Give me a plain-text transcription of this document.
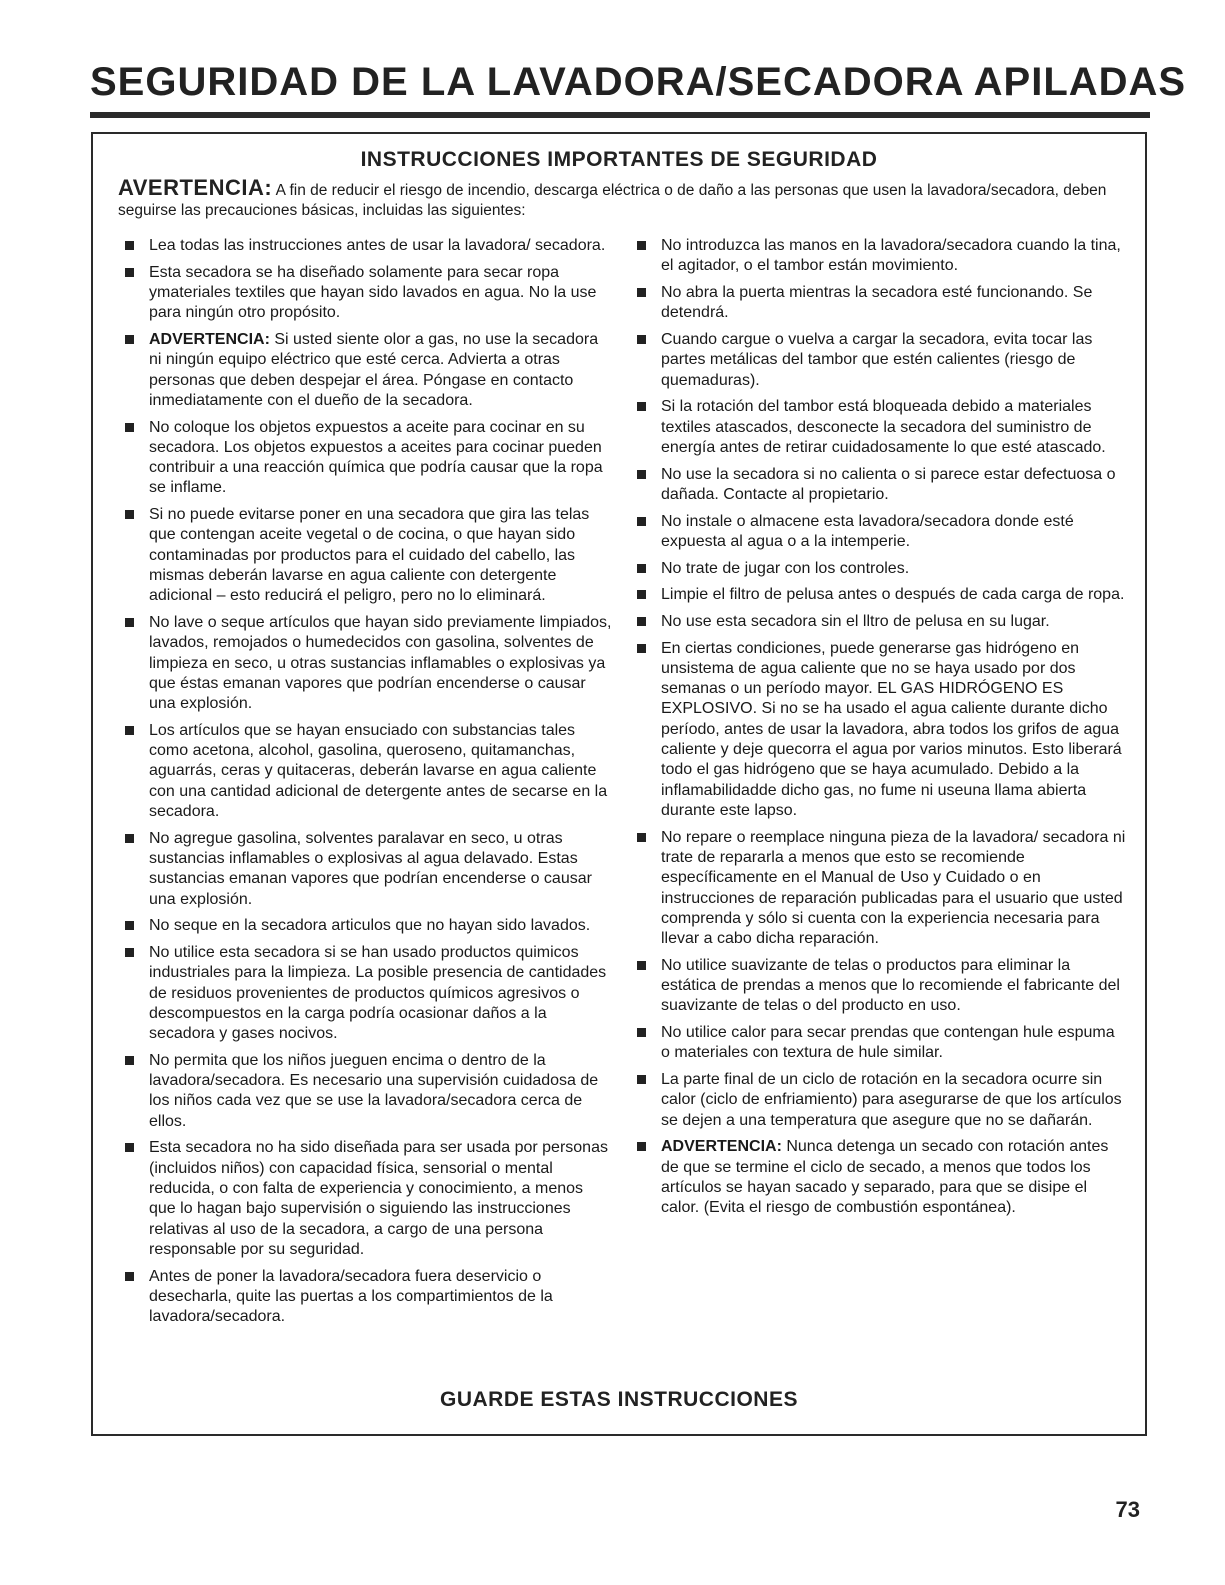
SEGURIDAD DE LA LAVADORA/SECADORA APILADAS
INSTRUCCIONES IMPORTANTES DE SEGURIDAD
AVERTENCIA: A fin de reducir el riesgo de incendio, descarga eléctrica o de daño a las personas que usen la lavadora/secadora, deben seguirse las precauciones básicas, incluidas las siguientes:
Lea todas las instrucciones antes de usar la lavadora/ secadora.
Esta secadora se ha diseñado solamente para secar ropa ymateriales textiles que hayan sido lavados en agua. No la use para ningún otro propósito.
ADVERTENCIA: Si usted siente olor a gas, no use la secadora ni ningún equipo eléctrico que esté cerca. Advierta a otras personas que deben despejar el área. Póngase en contacto inmediatamente con el dueño de la secadora.
No coloque los objetos expuestos a aceite para cocinar en su secadora. Los objetos expuestos a aceites para cocinar pueden contribuir a una reacción química que podría causar que la ropa se inflame.
Si no puede evitarse poner en una secadora que gira las telas que contengan aceite vegetal o de cocina, o que hayan sido contaminadas por productos para el cuidado del cabello, las mismas deberán lavarse en agua caliente con detergente adicional – esto reducirá el peligro, pero no lo eliminará.
No lave o seque artículos que hayan sido previamente limpiados, lavados, remojados o humedecidos con gasolina, solventes de limpieza en seco, u otras sustancias inflamables o explosivas ya que éstas emanan vapores que podrían encenderse o causar una explosión.
Los artículos que se hayan ensuciado con substancias tales como acetona, alcohol, gasolina, queroseno, quitamanchas, aguarrás, ceras y quitaceras, deberán lavarse en agua caliente con una cantidad adicional de detergente antes de secarse en la secadora.
No agregue gasolina, solventes paralavar en seco, u otras sustancias inflamables o explosivas al agua delavado. Estas sustancias emanan vapores que podrían encenderse o causar una explosión.
No seque en la secadora articulos que no hayan sido lavados.
No utilice esta secadora si se han usado productos quimicos industriales para la limpieza. La posible presencia de cantidades de residuos provenientes de productos químicos agresivos o descompuestos en la carga podría ocasionar daños a la secadora y gases nocivos.
No permita que los niños jueguen encima o dentro de la lavadora/secadora. Es necesario una supervisión cuidadosa de los niños cada vez que se use la lavadora/secadora cerca de ellos.
Esta secadora no ha sido diseñada para ser usada por personas (incluidos niños) con capacidad física, sensorial o mental reducida, o con falta de experiencia y conocimiento, a menos que lo hagan bajo supervisión o siguiendo las instrucciones relativas al uso de la secadora, a cargo de una persona responsable por su seguridad.
Antes de poner la lavadora/secadora fuera deservicio o desecharla, quite las puertas a los compartimientos de la lavadora/secadora.
No introduzca las manos en la lavadora/secadora cuando la tina, el agitador, o el tambor están movimiento.
No abra la puerta mientras la secadora esté funcionando. Se detendrá.
Cuando cargue o vuelva a cargar la secadora, evita tocar las partes metálicas del tambor que estén calientes (riesgo de quemaduras).
Si la rotación del tambor está bloqueada debido a materiales textiles atascados, desconecte la secadora del suministro de energía antes de retirar cuidadosamente lo que esté atascado.
No use la secadora si no calienta o si parece estar defectuosa o dañada. Contacte al propietario.
No instale o almacene esta lavadora/secadora donde esté expuesta al agua o a la intemperie.
No trate de jugar con los controles.
Limpie el filtro de pelusa antes o después de cada carga de ropa.
No use esta secadora sin el lltro de pelusa en su lugar.
En ciertas condiciones, puede generarse gas hidrógeno en unsistema de agua caliente que no se haya usado por dos semanas o un período mayor. EL GAS HIDRÓGENO ES EXPLOSIVO. Si no se ha usado el agua caliente durante dicho período, antes de usar la lavadora, abra todos los grifos de agua caliente y deje quecorra el agua por varios minutos. Esto liberará todo el gas hidrógeno que se haya acumulado. Debido a la inflamabilidadde dicho gas, no fume ni useuna llama abierta durante este lapso.
No repare o reemplace ninguna pieza de la lavadora/ secadora ni trate de repararla a menos que esto se recomiende específicamente en el Manual de Uso y Cuidado o en instrucciones de reparación publicadas para el usuario que usted comprenda y sólo si cuenta con la experiencia necesaria para llevar a cabo dicha reparación.
No utilice suavizante de telas o productos para eliminar la estática de prendas a menos que lo recomiende el fabricante del suavizante de telas o del producto en uso.
No utilice calor para secar prendas que contengan hule espuma o materiales con textura de hule similar.
La parte final de un ciclo de rotación en la secadora ocurre sin calor (ciclo de enfriamiento) para asegurarse de que los artículos se dejen a una temperatura que asegure que no se dañarán.
ADVERTENCIA: Nunca detenga un secado con rotación antes de que se termine el ciclo de secado, a menos que todos los artículos se hayan sacado y separado, para que se disipe el calor. (Evita el riesgo de combustión espontánea).
GUARDE ESTAS INSTRUCCIONES
73
